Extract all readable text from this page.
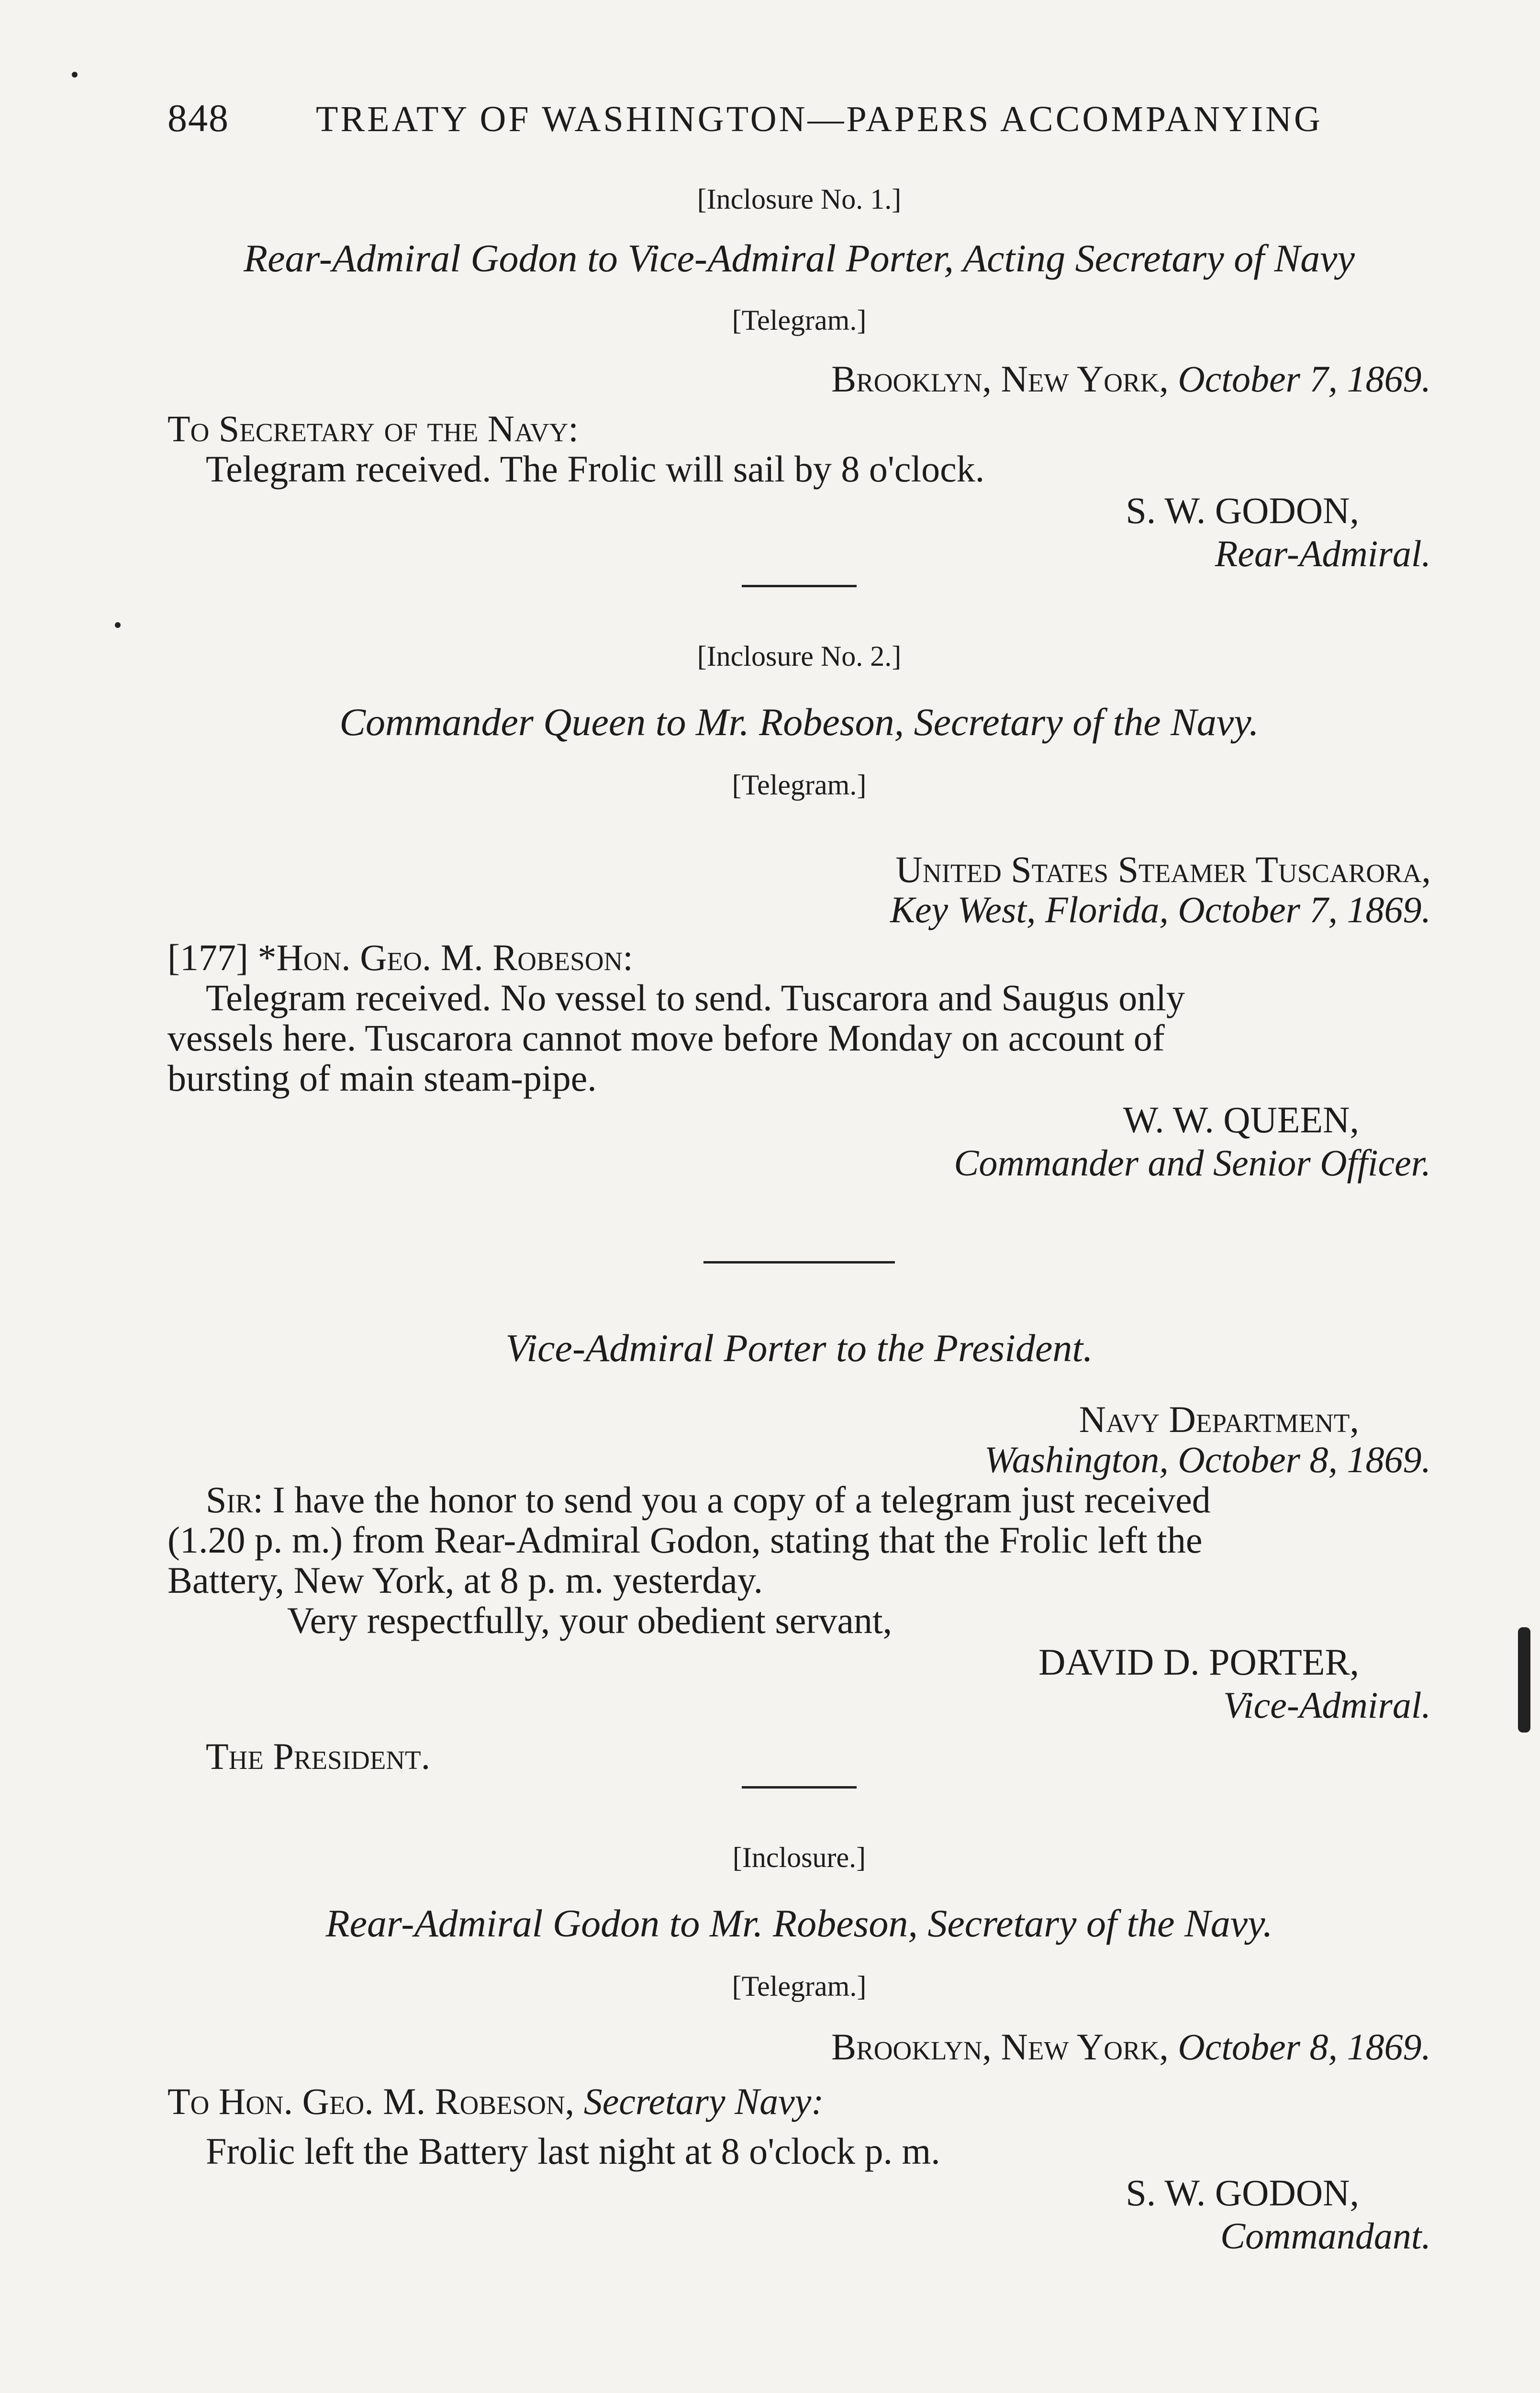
848	TREATY OF WASHINGTON—PAPERS ACCOMPANYING
[Inclosure No. 1.]
Rear-Admiral Godon to Vice-Admiral Porter, Acting Secretary of Navy
[Telegram.]
Brooklyn, New York, October 7, 1869.
To Secretary of the Navy:
Telegram received. The Frolic will sail by 8 o'clock.
S. W. GODON,
Rear-Admiral.
[Inclosure No. 2.]
Commander Queen to Mr. Robeson, Secretary of the Navy.
[Telegram.]
United States Steamer Tuscarora,
Key West, Florida, October 7, 1869.
[177] *Hon. Geo. M. Robeson:
Telegram received. No vessel to send. Tuscarora and Saugus only
vessels here. Tuscarora cannot move before Monday on account of
bursting of main steam-pipe.
W. W. QUEEN,
Commander and Senior Officer.
Vice-Admiral Porter to the President.
Navy Department,
Washington, October 8, 1869.
Sir: I have the honor to send you a copy of a telegram just received
(1.20 p. m.) from Rear-Admiral Godon, stating that the Frolic left the
Battery, New York, at 8 p. m. yesterday.
Very respectfully, your obedient servant,
DAVID D. PORTER,
Vice-Admiral.
The President.
[Inclosure.]
Rear-Admiral Godon to Mr. Robeson, Secretary of the Navy.
[Telegram.]
Brooklyn, New York, October 8, 1869.
To Hon. Geo. M. Robeson, Secretary Navy:
Frolic left the Battery last night at 8 o'clock p. m.
S. W. GODON,
Commandant.
